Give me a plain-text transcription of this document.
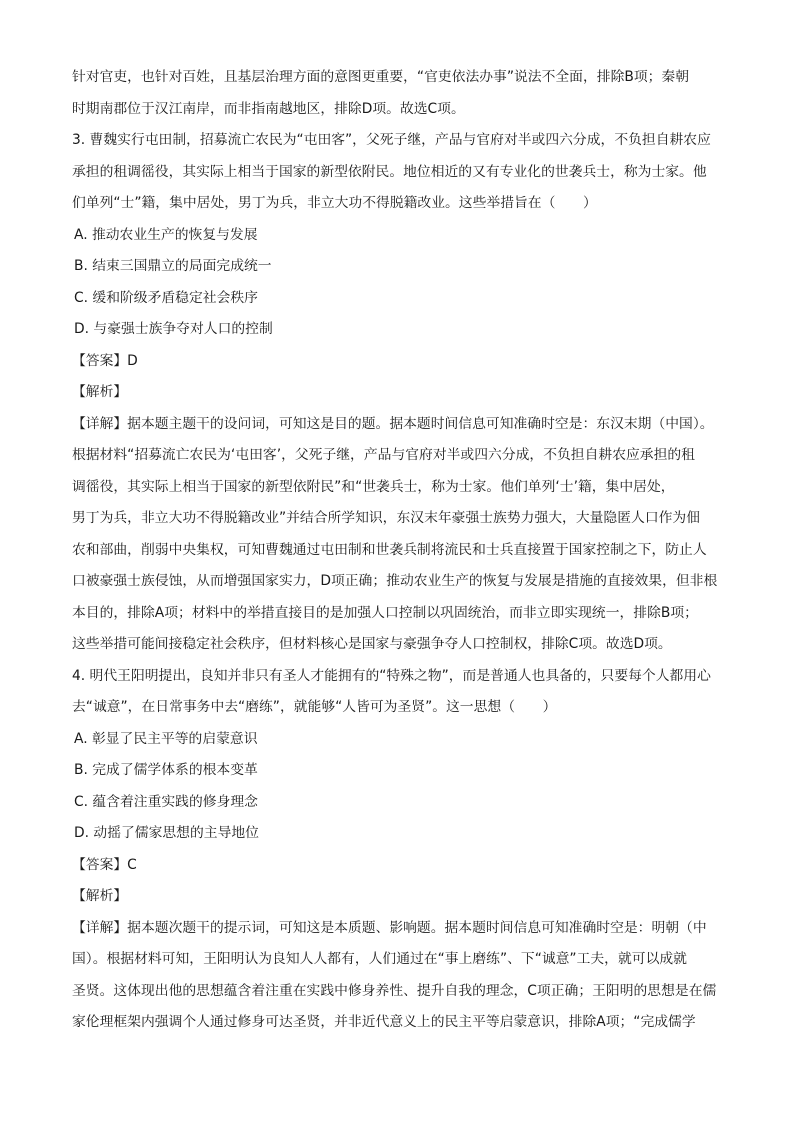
针对官吏，也针对百姓，且基层治理方面的意图更重要，“官吏依法办事”说法不全面，排除B项；秦朝
时期南郡位于汉江南岸，而非指南越地区，排除D项。故选C项。
3. 曹魏实行屯田制，招募流亡农民为“屯田客”，父死子继，产品与官府对半或四六分成，不负担自耕农应
承担的租调徭役，其实际上相当于国家的新型依附民。地位相近的又有专业化的世袭兵士，称为士家。他
们单列“士”籍，集中居处，男丁为兵，非立大功不得脱籍改业。这些举措旨在（　　）
A. 推动农业生产的恢复与发展
B. 结束三国鼎立的局面完成统一
C. 缓和阶级矛盾稳定社会秩序
D. 与豪强士族争夺对人口的控制
【答案】D
【解析】
【详解】据本题主题干的设问词，可知这是目的题。据本题时间信息可知准确时空是：东汉末期（中国）。
根据材料“招募流亡农民为‘屯田客’，父死子继，产品与官府对半或四六分成，不负担自耕农应承担的租
调徭役，其实际上相当于国家的新型依附民”和“世袭兵士，称为士家。他们单列‘士’籍，集中居处，
男丁为兵，非立大功不得脱籍改业”并结合所学知识，东汉末年豪强士族势力强大，大量隐匿人口作为佃
农和部曲，削弱中央集权，可知曹魏通过屯田制和世袭兵制将流民和士兵直接置于国家控制之下，防止人
口被豪强士族侵蚀，从而增强国家实力，D项正确；推动农业生产的恢复与发展是措施的直接效果，但非根
本目的，排除A项；材料中的举措直接目的是加强人口控制以巩固统治，而非立即实现统一，排除B项；
这些举措可能间接稳定社会秩序，但材料核心是国家与豪强争夺人口控制权，排除C项。故选D项。
4. 明代王阳明提出，良知并非只有圣人才能拥有的“特殊之物”，而是普通人也具备的，只要每个人都用心
去“诚意”，在日常事务中去“磨练”，就能够“人皆可为圣贤”。这一思想（　　）
A. 彰显了民主平等的启蒙意识
B. 完成了儒学体系的根本变革
C. 蕴含着注重实践的修身理念
D. 动摇了儒家思想的主导地位
【答案】C
【解析】
【详解】据本题次题干的提示词，可知这是本质题、影响题。据本题时间信息可知准确时空是：明朝（中
国）。根据材料可知，王阳明认为良知人人都有，人们通过在“事上磨练”、下“诚意”工夫，就可以成就
圣贤。这体现出他的思想蕴含着注重在实践中修身养性、提升自我的理念，C项正确；王阳明的思想是在儒
家伦理框架内强调个人通过修身可达圣贤，并非近代意义上的民主平等启蒙意识，排除A项；“完成儒学
